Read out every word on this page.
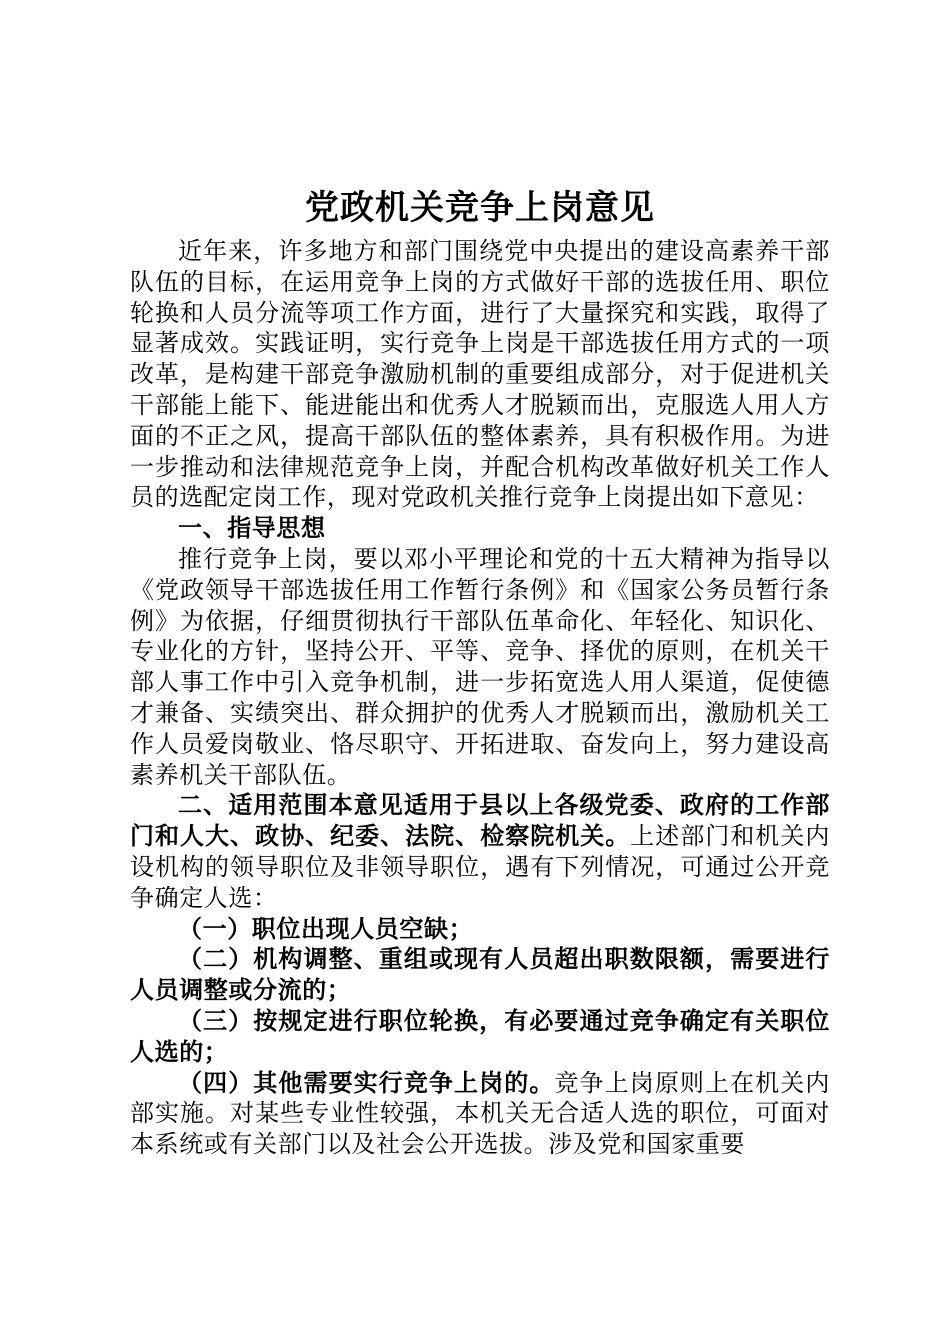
党政机关竞争上岗意见

近年来，许多地方和部门围绕党中央提出的建设高素养干部队伍的目标，在运用竞争上岗的方式做好干部的选拔任用、职位轮换和人员分流等项工作方面，进行了大量探究和实践，取得了显著成效。实践证明，实行竞争上岗是干部选拔任用方式的一项改革，是构建干部竞争激励机制的重要组成部分，对于促进机关干部能上能下、能进能出和优秀人才脱颖而出，克服选人用人方面的不正之风，提高干部队伍的整体素养，具有积极作用。为进一步推动和法律规范竞争上岗，并配合机构改革做好机关工作人员的选配定岗工作，现对党政机关推行竞争上岗提出如下意见：

一、指导思想

推行竞争上岗，要以邓小平理论和党的十五大精神为指导以《党政领导干部选拔任用工作暂行条例》和《国家公务员暂行条例》为依据，仔细贯彻执行干部队伍革命化、年轻化、知识化、专业化的方针，坚持公开、平等、竞争、择优的原则，在机关干部人事工作中引入竞争机制，进一步拓宽选人用人渠道，促使德才兼备、实绩突出、群众拥护的优秀人才脱颖而出，激励机关工作人员爱岗敬业、恪尽职守、开拓进取、奋发向上，努力建设高素养机关干部队伍。

二、适用范围本意见适用于县以上各级党委、政府的工作部门和人大、政协、纪委、法院、检察院机关。上述部门和机关内设机构的领导职位及非领导职位，遇有下列情况，可通过公开竞争确定人选：

（一）职位出现人员空缺；

（二）机构调整、重组或现有人员超出职数限额，需要进行人员调整或分流的；

（三）按规定进行职位轮换，有必要通过竞争确定有关职位人选的；

（四）其他需要实行竞争上岗的。竞争上岗原则上在机关内部实施。对某些专业性较强，本机关无合适人选的职位，可面对本系统或有关部门以及社会公开选拔。涉及党和国家重要
